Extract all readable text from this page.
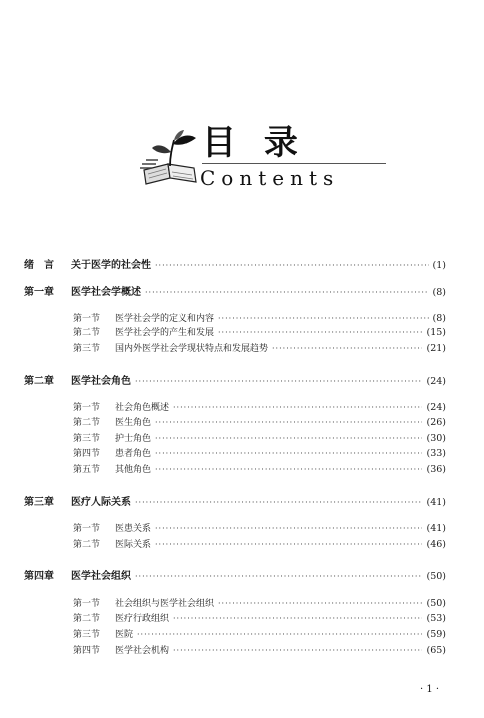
目 录
Contents
绪　言	关于医学的社会性 ·····	(1)
第一章	医学社会学概述 ·····	(8)
第一节	医学社会学的定义和内容 ·····	(8)
第二节	医学社会学的产生和发展 ·····	(15)
第三节	国内外医学社会学现状特点和发展趋势 ·····	(21)
第二章	医学社会角色 ·····	(24)
第一节	社会角色概述 ·····	(24)
第二节	医生角色 ·····	(26)
第三节	护士角色 ·····	(30)
第四节	患者角色 ·····	(33)
第五节	其他角色 ·····	(36)
第三章	医疗人际关系 ·····	(41)
第一节	医患关系 ·····	(41)
第二节	医际关系 ·····	(46)
第四章	医学社会组织 ·····	(50)
第一节	社会组织与医学社会组织 ·····	(50)
第二节	医疗行政组织 ·····	(53)
第三节	医院 ·····	(59)
第四节	医学社会机构 ·····	(65)
· 1 ·
